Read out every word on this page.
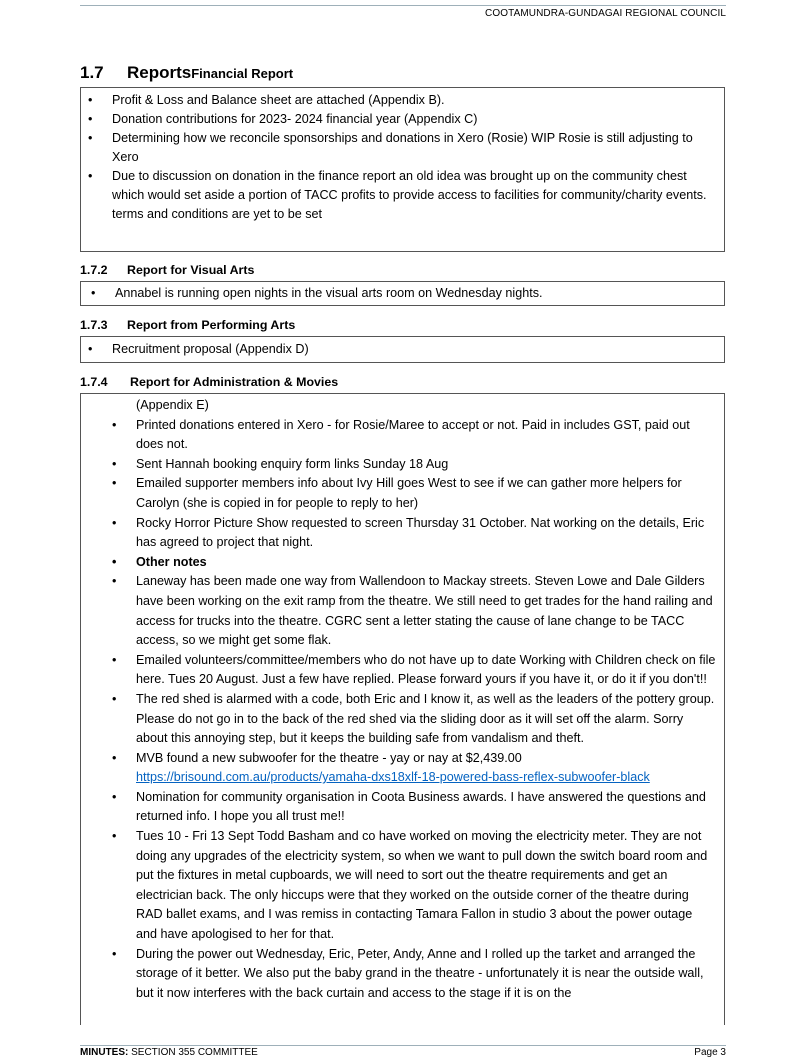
COOTAMUNDRA-GUNDAGAI REGIONAL COUNCIL
1.7 ReportsFinancial Report
• Profit & Loss and Balance sheet are attached (Appendix B).
• Donation contributions for 2023- 2024 financial year (Appendix C)
• Determining how we reconcile sponsorships and donations in Xero (Rosie) WIP Rosie is still adjusting to Xero
• Due to discussion on donation in the finance report an old idea was brought up on the community chest which would set aside a portion of TACC profits to provide access to facilities for community/charity events. terms and conditions are yet to be set
1.7.2 Report for Visual Arts
• Annabel is running open nights in the visual arts room on Wednesday nights.
1.7.3 Report from Performing Arts
• Recruitment proposal (Appendix D)
1.7.4 Report for Administration & Movies
(Appendix E)
• Printed donations entered in Xero - for Rosie/Maree to accept or not. Paid in includes GST, paid out does not.
• Sent Hannah booking enquiry form links Sunday 18 Aug
• Emailed supporter members info about Ivy Hill goes West to see if we can gather more helpers for Carolyn (she is copied in for people to reply to her)
• Rocky Horror Picture Show requested to screen Thursday 31 October. Nat working on the details, Eric has agreed to project that night.
• Other notes
• Laneway has been made one way from Wallendoon to Mackay streets. Steven Lowe and Dale Gilders have been working on the exit ramp from the theatre. We still need to get trades for the hand railing and access for trucks into the theatre. CGRC sent a letter stating the cause of lane change to be TACC access, so we might get some flak.
• Emailed volunteers/committee/members who do not have up to date Working with Children check on file here. Tues 20 August. Just a few have replied. Please forward yours if you have it, or do it if you don't!!
• The red shed is alarmed with a code, both Eric and I know it, as well as the leaders of the pottery group. Please do not go in to the back of the red shed via the sliding door as it will set off the alarm. Sorry about this annoying step, but it keeps the building safe from vandalism and theft.
• MVB found a new subwoofer for the theatre - yay or nay at $2,439.00
https://brisound.com.au/products/yamaha-dxs18xlf-18-powered-bass-reflex-subwoofer-black
• Nomination for community organisation in Coota Business awards. I have answered the questions and returned info. I hope you all trust me!!
• Tues 10 - Fri 13 Sept Todd Basham and co have worked on moving the electricity meter. They are not doing any upgrades of the electricity system, so when we want to pull down the switch board room and put the fixtures in metal cupboards, we will need to sort out the theatre requirements and get an electrician back. The only hiccups were that they worked on the outside corner of the theatre during RAD ballet exams, and I was remiss in contacting Tamara Fallon in studio 3 about the power outage and have apologised to her for that.
• During the power out Wednesday, Eric, Peter, Andy, Anne and I rolled up the tarket and arranged the storage of it better. We also put the baby grand in the theatre - unfortunately it is near the outside wall, but it now interferes with the back curtain and access to the stage if it is on the
MINUTES: SECTION 355 COMMITTEE	Page 3
